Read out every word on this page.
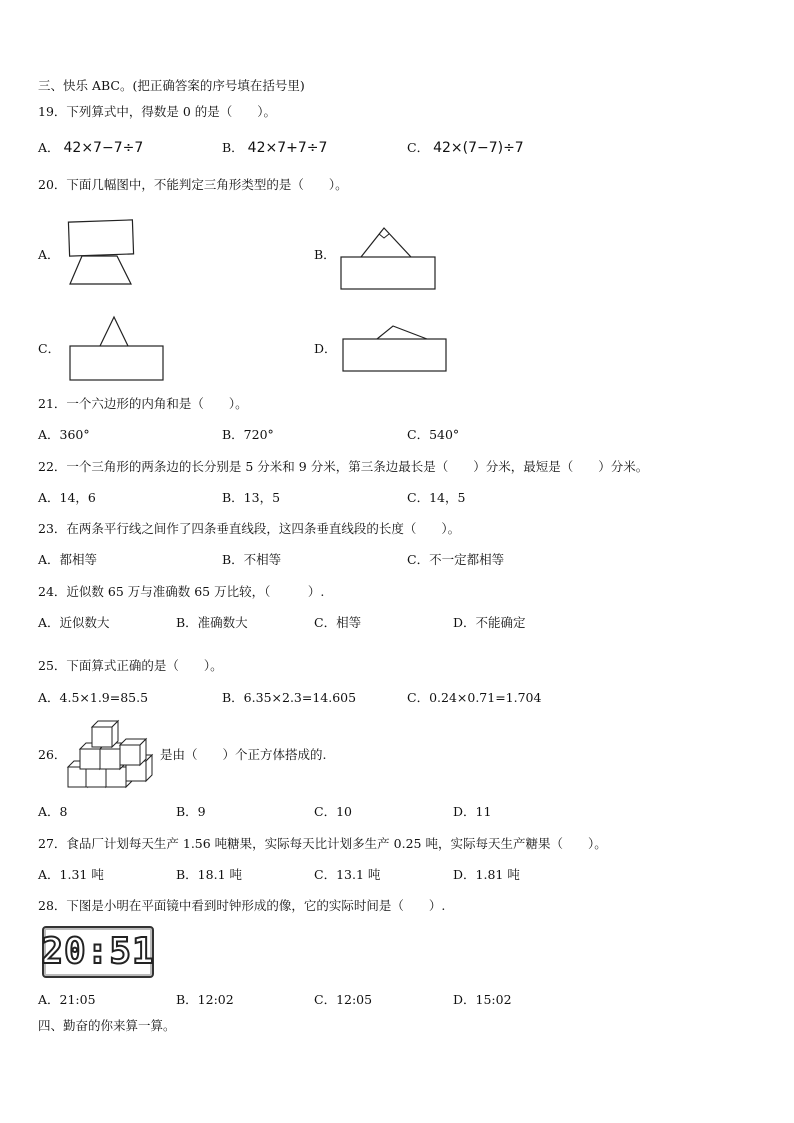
三、快乐 ABC。(把正确答案的序号填在括号里)
19．下列算式中，得数是 0 的是（　　）。
A． 42×7−7÷7	B． 42×7+7÷7	C． 42×(7−7)÷7
20．下面几幅图中，不能判定三角形类型的是（　　）。
A．	B．
C．	D．
21．一个六边形的内角和是（　　）。
A．360°	B．720°	C．540°
22．一个三角形的两条边的长分别是 5 分米和 9 分米，第三条边最长是（　　）分米，最短是（　　）分米。
A．14，6	B．13，5	C．14，5
23．在两条平行线之间作了四条垂直线段，这四条垂直线段的长度（　　）。
A．都相等	B．不相等	C．不一定都相等
24．近似数 65 万与准确数 65 万比较，（　　　）.
A．近似数大	B．准确数大	C．相等	D．不能确定
25．下面算式正确的是（　　）。
A．4.5×1.9=85.5	B．6.35×2.3=14.605	C．0.24×0.71=1.704
26．	是由（　　）个正方体搭成的.
A．8	B．9	C．10	D．11
27．食品厂计划每天生产 1.56 吨糖果，实际每天比计划多生产 0.25 吨，实际每天生产糖果（　　）。
A．1.31 吨	B．18.1 吨	C．13.1 吨	D．1.81 吨
28．下图是小明在平面镜中看到时钟形成的像，它的实际时间是（　　）.
20:51
A．21:05	B．12:02	C．12:05	D．15:02
四、勤奋的你来算一算。
